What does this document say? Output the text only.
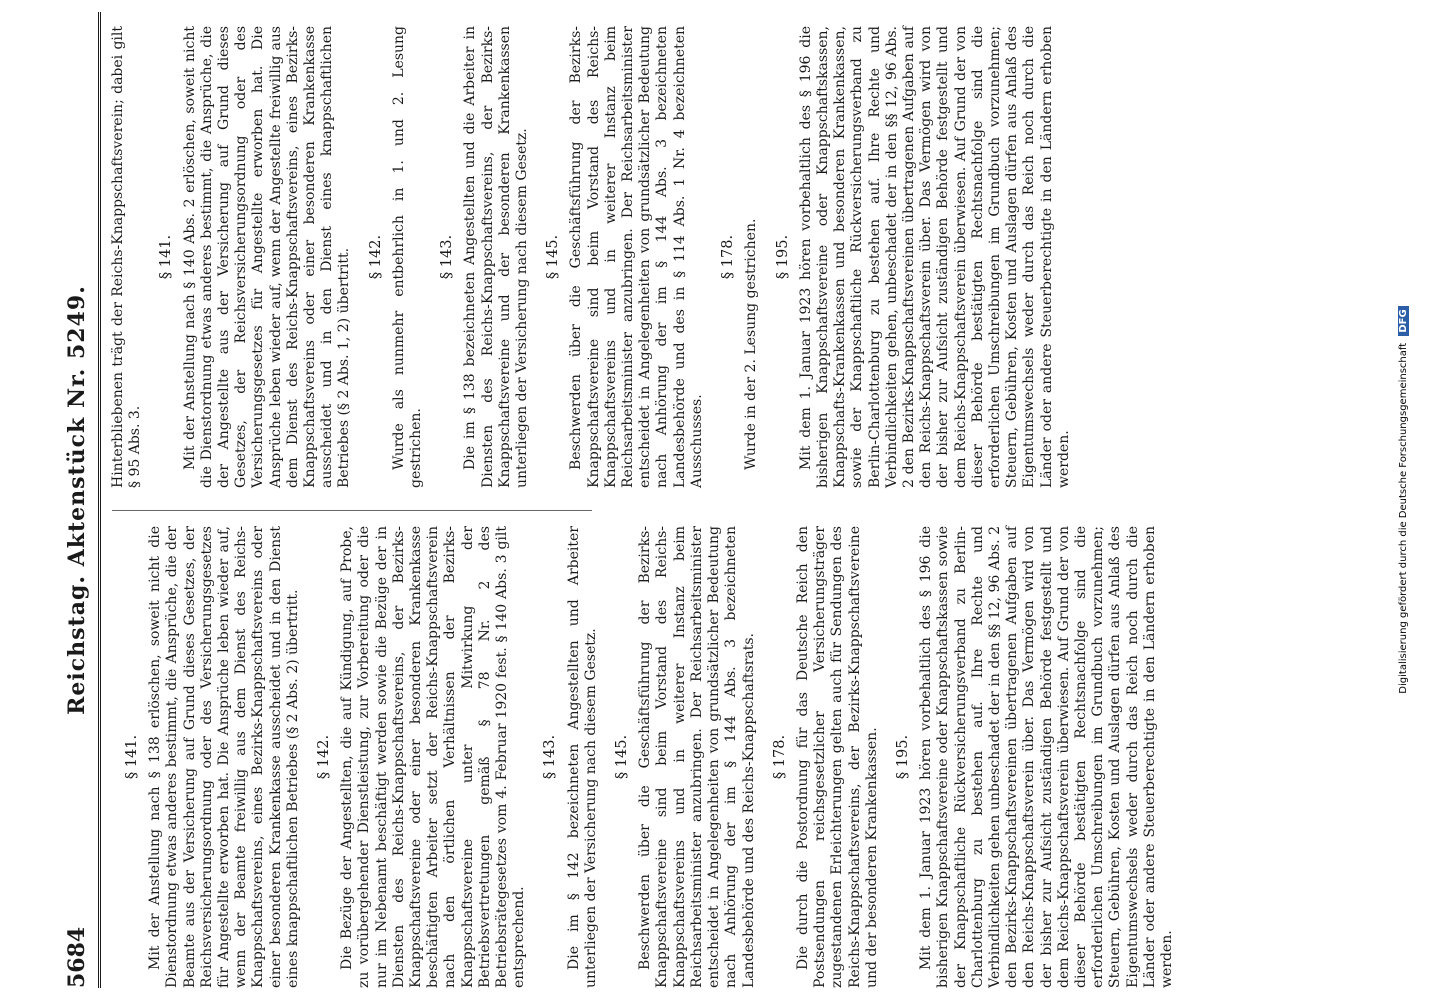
5684
Reichstag. Aktenstück Nr. 5249.
§ 141. Mit der Anstellung nach § 138 erlöschen, soweit nicht die Dienstordnung etwas anderes bestimmt, die Ansprüche, die der Beamte aus der Versicherung auf Grund dieses Gesetzes, der Reichsversicherungsordnung oder des Versicherungsgesetzes für Angestellte erworben hat. Die Ansprüche leben wieder auf, wenn der Beamte freiwillig aus dem Dienst des Reichs-Knappschaftsvereins, eines Bezirks-Knappschaftsvereins oder einer besonderen Krankenkasse ausscheidet und in den Dienst eines knappschaftlichen Betriebes (§ 2 Abs. 2) übertritt. § 142. Die Bezüge der Angestellten, die auf Kündigung, auf Probe, zu vorübergehender Dienstleistung, zur Vorbereitung oder die nur im Nebenamt beschäftigt werden sowie die Bezüge der in Diensten des Reichs-Knappschaftsvereins, der Bezirks-Knappschaftsvereine oder einer besonderen Krankenkasse beschäftigten Arbeiter setzt der Reichs-Knappschaftsverein nach den örtlichen Verhältnissen der Bezirks-Knappschaftsvereine unter Mitwirkung der Betriebsvertretungen gemäß § 78 Nr. 2 des Betriebsrätegesetzes vom 4. Februar 1920 fest. § 140 Abs. 3 gilt entsprechend.

§ 143. Die im § 142 bezeichneten Angestellten und Arbeiter unterliegen der Versicherung nach diesem Gesetz. § 145. Beschwerden über die Geschäftsführung der Bezirks-Knappschaftsvereine sind beim Vorstand des Reichs-Knappschaftsvereins und in weiterer Instanz beim Reichsarbeitsminister anzubringen. Der Reichsarbeitsminister entscheidet in Angelegenheiten von grundsätzlicher Bedeutung nach Anhörung der im § 144 Abs. 3 bezeichneten Landesbehörde und des Reichs-Knappschaftsrats. § 178. Die durch die Postordnung für das Deutsche Reich den Postsendungen reichsgesetzlicher Versicherungsträger zugestandenen Erleichterungen gelten auch für Sendungen des Reichs-Knappschaftsvereins, der Bezirks-Knappschaftsvereine und der besonderen Krankenkassen. § 195. Mit dem 1. Januar 1923 hören vorbehaltlich des § 196 die bisherigen Knappschaftsvereine oder Knappschaftskassen sowie der Knappschaftliche Rückversicherungsverband zu Berlin-Charlottenburg zu bestehen auf. Ihre Rechte und Verbindlichkeiten gehen unbeschadet der in den §§ 12, 96 Abs. 2 den Bezirks-Knappschaftsvereinen übertragenen Aufgaben auf den Reichs-Knappschaftsverein über. Das Vermögen wird von der bisher zur Aufsicht zuständigen Behörde festgestellt und dem Reichs-Knappschaftsverein überwiesen. Auf Grund der von dieser Behörde bestätigten Rechtsnachfolge sind die erforderlichen Umschreibungen im Grundbuch vorzunehmen; Steuern, Gebühren, Kosten und Auslagen dürfen aus Anlaß des Eigentumswechsels weder durch das Reich noch durch die Länder oder andere Steuerberechtigte in den Ländern erhoben werden.

Hinterbliebenen trägt der Reichs-Knappschaftsverein; dabei gilt § 95 Abs. 3.

§ 141. Mit der Anstellung nach § 140 Abs. 2 erlöschen, soweit nicht die Dienstordnung etwas anderes bestimmt, die Ansprüche, die der Angestellte aus der Versicherung auf Grund dieses Gesetzes, der Reichsversicherungsordnung oder des Versicherungsgesetzes für Angestellte erworben hat. Die Ansprüche leben wieder auf, wenn der Angestellte freiwillig aus dem Dienst des Reichs-Knappschaftsvereins, eines Bezirks-Knappschaftsvereins oder einer besonderen Krankenkasse ausscheidet und in den Dienst eines knappschaftlichen Betriebes (§ 2 Abs. 1, 2) übertritt. § 142. Wurde als nunmehr entbehrlich in 1. und 2. Lesung gestrichen.

§ 143. Die im § 138 bezeichneten Angestellten und die Arbeiter in Diensten des Reichs-Knappschaftsvereins, der Bezirks-Knappschaftsvereine und der besonderen Krankenkassen unterliegen der Versicherung nach diesem Gesetz. § 145. Beschwerden über die Geschäftsführung der Bezirks-Knappschaftsvereine sind beim Vorstand des Reichs-Knappschaftsvereins und in weiterer Instanz beim Reichsarbeitsminister anzubringen. Der Reichsarbeitsminister entscheidet in Angelegenheiten von grundsätzlicher Bedeutung nach Anhörung der im § 144 Abs. 3 bezeichneten Landesbehörde und des in § 114 Abs. 1 Nr. 4 bezeichneten Ausschusses.

§ 178. Wurde in der 2. Lesung gestrichen. § 195. Mit dem 1. Januar 1923 hören vorbehaltlich des § 196 die bisherigen Knappschaftsvereine oder Knappschaftskassen, Knappschafts-Krankenkassen und besonderen Krankenkassen, sowie der Knappschaftliche Rückversicherungsverband zu Berlin-Charlottenburg zu bestehen auf. Ihre Rechte und Verbindlichkeiten gehen, unbeschadet der in den §§ 12, 96 Abs. 2 den Bezirks-Knappschaftsvereinen übertragenen Aufgaben auf den Reichs-Knappschaftsverein über. Das Vermögen wird von der bisher zur Aufsicht zuständigen Behörde festgestellt und dem Reichs-Knappschaftsverein überwiesen. Auf Grund der von dieser Behörde bestätigten Rechtsnachfolge sind die erforderlichen Umschreibungen im Grundbuch vorzunehmen; Steuern, Gebühren, Kosten und Auslagen dürfen aus Anlaß des Eigentumswechsels weder durch das Reich noch durch die Länder oder andere Steuerberechtigte in den Ländern erhoben werden.	Digitalisierung gefördert durch die Deutsche Forschungsgemeinschaft DFG
